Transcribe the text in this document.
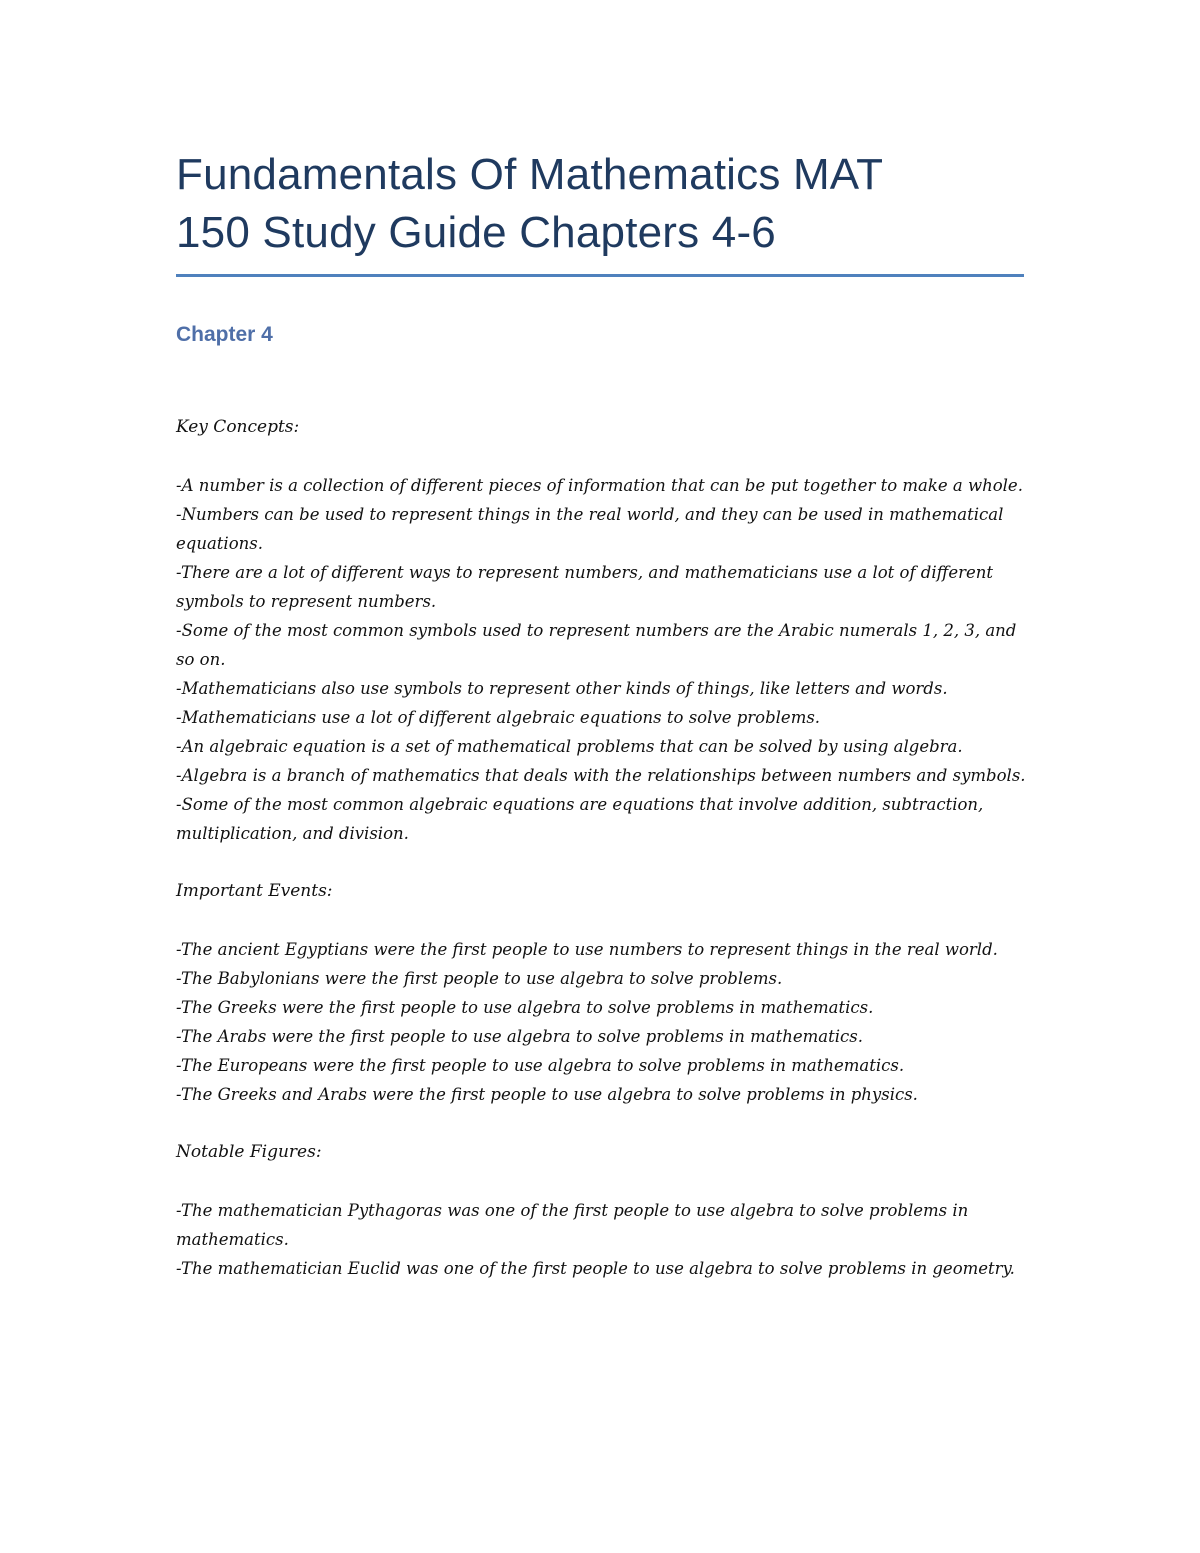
Fundamentals Of Mathematics MAT
150 Study Guide Chapters 4-6
Chapter 4

Key Concepts:

-A number is a collection of different pieces of information that can be put together to make a whole.
-Numbers can be used to represent things in the real world, and they can be used in mathematical equations.
-There are a lot of different ways to represent numbers, and mathematicians use a lot of different symbols to represent numbers.
-Some of the most common symbols used to represent numbers are the Arabic numerals 1, 2, 3, and so on.
-Mathematicians also use symbols to represent other kinds of things, like letters and words.
-Mathematicians use a lot of different algebraic equations to solve problems.
-An algebraic equation is a set of mathematical problems that can be solved by using algebra.
-Algebra is a branch of mathematics that deals with the relationships between numbers and symbols.
-Some of the most common algebraic equations are equations that involve addition, subtraction, multiplication, and division.

Important Events:

-The ancient Egyptians were the first people to use numbers to represent things in the real world.
-The Babylonians were the first people to use algebra to solve problems.
-The Greeks were the first people to use algebra to solve problems in mathematics.
-The Arabs were the first people to use algebra to solve problems in mathematics.
-The Europeans were the first people to use algebra to solve problems in mathematics.
-The Greeks and Arabs were the first people to use algebra to solve problems in physics.

Notable Figures:

-The mathematician Pythagoras was one of the first people to use algebra to solve problems in mathematics.
-The mathematician Euclid was one of the first people to use algebra to solve problems in geometry.
